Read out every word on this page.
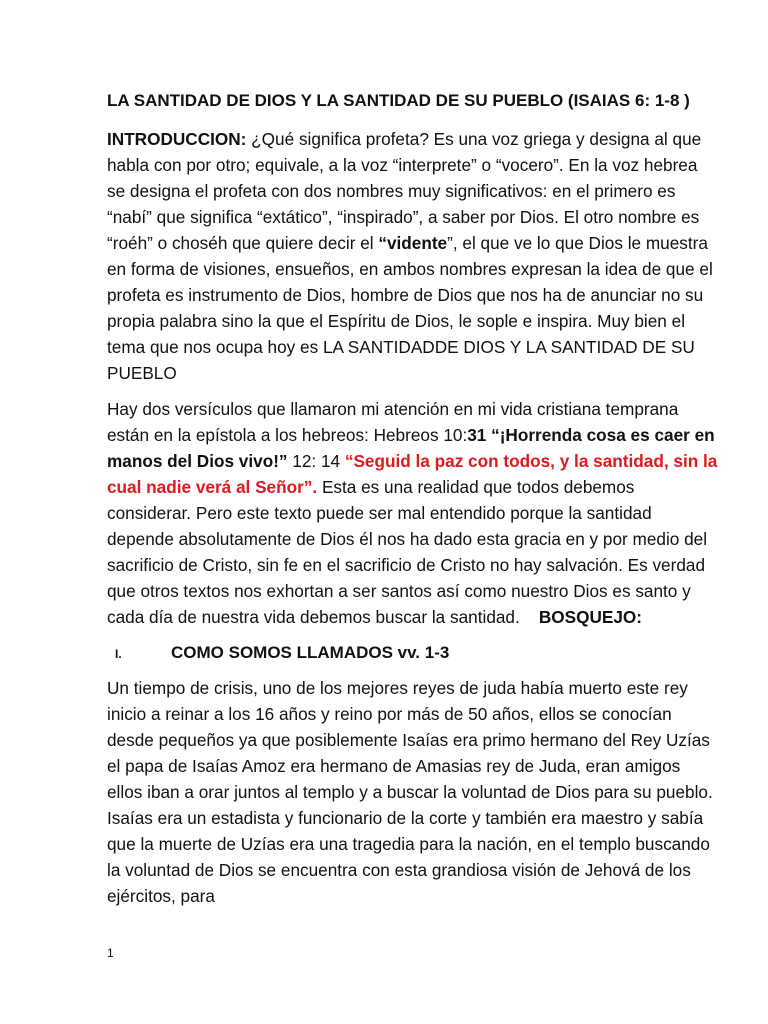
LA SANTIDAD DE DIOS Y LA SANTIDAD DE SU PUEBLO (ISAIAS 6: 1-8 )

INTRODUCCION: ¿Qué significa profeta? Es una voz griega y designa al que habla con por otro; equivale, a la voz “interprete” o “vocero”. En la voz hebrea se designa el profeta con dos nombres muy significativos: en el primero es “nabí” que significa “extático”, “inspirado”, a saber por Dios. El otro nombre es “roéh” o choséh que quiere decir el “vidente”, el que ve lo que Dios le muestra en forma de visiones, ensueños, en ambos nombres expresan la idea de que el profeta es instrumento de Dios, hombre de Dios que nos ha de anunciar no su propia palabra sino la que el Espíritu de Dios, le sople e inspira. Muy bien el tema que nos ocupa hoy es LA SANTIDADDE DIOS Y LA SANTIDAD DE SU PUEBLO

Hay dos versículos que llamaron mi atención en mi vida cristiana temprana están en la epístola a los hebreos: Hebreos 10:31 “¡Horrenda cosa es caer en manos del Dios vivo!” 12: 14 “Seguid la paz con todos, y la santidad, sin la cual nadie verá al Señor”. Esta es una realidad que todos debemos considerar. Pero este texto puede ser mal entendido porque la santidad depende absolutamente de Dios él nos ha dado esta gracia en y por medio del sacrificio de Cristo, sin fe en el sacrificio de Cristo no hay salvación. Es verdad que otros textos nos exhortan a ser santos así como nuestro Dios es santo y cada día de nuestra vida debemos buscar la santidad.    BOSQUEJO:

I.	COMO SOMOS LLAMADOS vv. 1-3

Un tiempo de crisis, uno de los mejores reyes de juda había muerto este rey inicio a reinar a los 16 años y reino por más de 50 años, ellos se conocían desde pequeños ya que posiblemente Isaías era primo hermano del Rey Uzías el papa de Isaías Amoz era hermano de Amasias rey de Juda, eran amigos ellos iban a orar juntos al templo y a buscar la voluntad de Dios para su pueblo. Isaías era un estadista y funcionario de la corte y también era maestro y sabía que la muerte de Uzías era una tragedia para la nación, en el templo buscando la voluntad de Dios se encuentra con esta grandiosa visión de Jehová de los ejércitos, para

1
